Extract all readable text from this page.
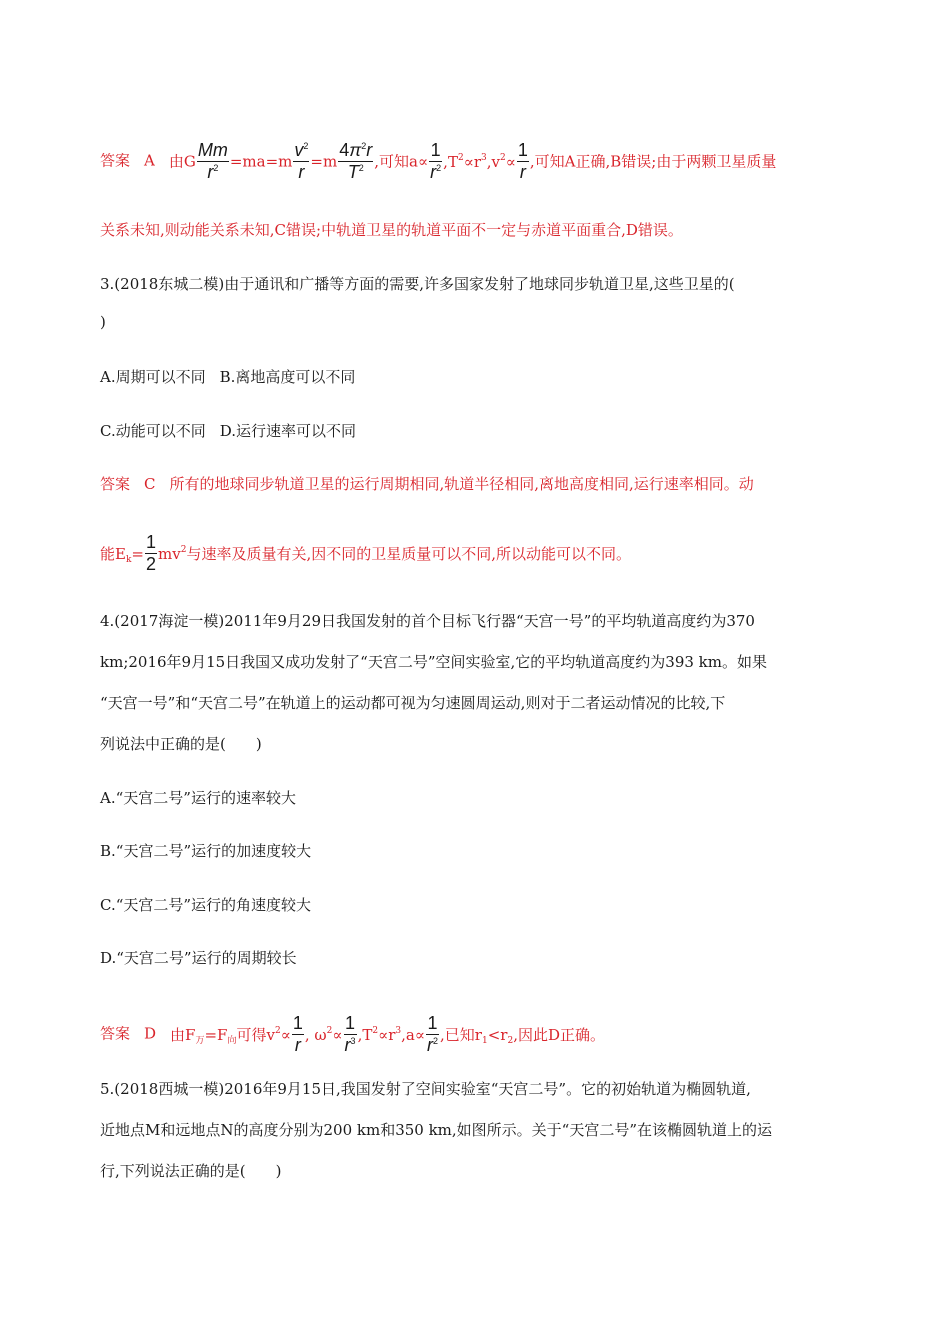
答案 A 由G $\frac{Mm}{r^2} =ma=m \frac{v^2}{r} =m \frac{4\pi^2r}{T^2}$ ,可知$a\propto \frac{1}{r^2} ,T^2\propto r^3,v^2\propto \frac{1}{r}$ ,可知A正确,B错误;由于两颗卫星质量
关系未知,则动能关系未知,C错误;中轨道卫星的轨道平面不一定与赤道平面重合,D错误。
3.(2018东城二模)由于通讯和广播等方面的需要,许多国家发射了地球同步轨道卫星,这些卫星的(
)
A.周期可以不同 B.离地高度可以不同
C.动能可以不同 D.运行速率可以不同
答案 C 所有的地球同步轨道卫星的运行周期相同,轨道半径相同,离地高度相同,运行速率相同。动
能$E_k= \frac{1}{2} mv^2$与速率及质量有关,因不同的卫星质量可以不同,所以动能可以不同。
4.(2017海淀一模)2011年9月29日我国发射的首个目标飞行器“天宫一号”的平均轨道高度约为370
km;2016年9月15日我国又成功发射了“天宫二号”空间实验室,它的平均轨道高度约为393 km。如果
“天宫一号”和“天宫二号”在轨道上的运动都可视为匀速圆周运动,则对于二者运动情况的比较,下
列说法中正确的是(　　)
A.“天宫二号”运行的速率较大
B.“天宫二号”运行的加速度较大
C.“天宫二号”运行的角速度较大
D.“天宫二号”运行的周期较长
答案 D 由$F_万=F_向$可得$v^2\propto \frac{1}{r}$ , $\omega^2\propto \frac{1}{r^3} ,T^2\propto r^3,a\propto \frac{1}{r^2}$ ,已知$r_1<r_2$,因此D正确。
5.(2018西城一模)2016年9月15日,我国发射了空间实验室“天宫二号”。它的初始轨道为椭圆轨道,
近地点M和远地点N的高度分别为200 km和350 km,如图所示。关于“天宫二号”在该椭圆轨道上的运
行,下列说法正确的是(　　)
